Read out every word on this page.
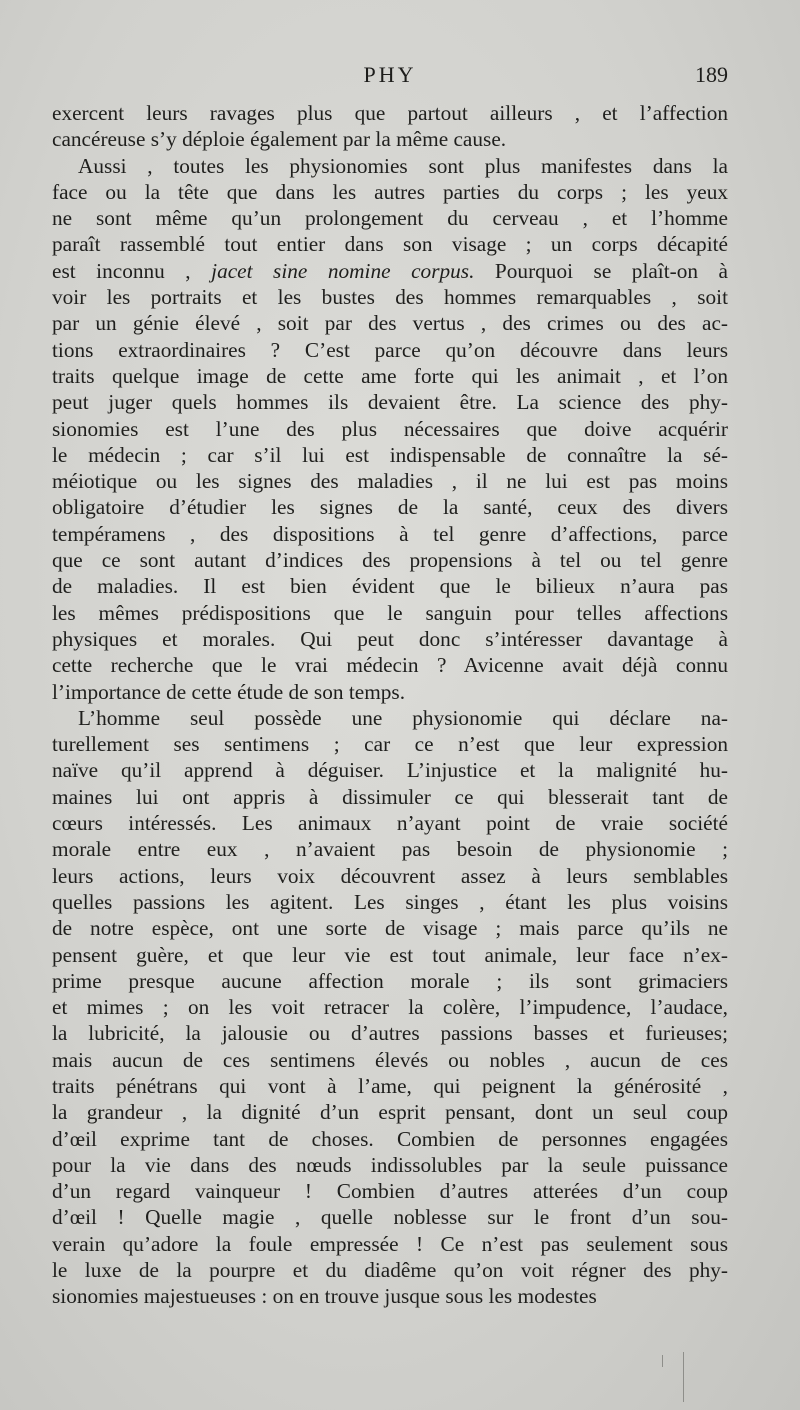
PHY	189
exercent leurs ravages plus que partout ailleurs , et l’affection
cancéreuse s’y déploie également par la même cause.
Aussi , toutes les physionomies sont plus manifestes dans la
face ou la tête que dans les autres parties du corps ; les yeux
ne sont même qu’un prolongement du cerveau , et l’homme
paraît rassemblé tout entier dans son visage ; un corps décapité
est inconnu , jacet sine nomine corpus. Pourquoi se plaît-on à
voir les portraits et les bustes des hommes remarquables , soit
par un génie élevé , soit par des vertus , des crimes ou des ac-
tions extraordinaires ? C’est parce qu’on découvre dans leurs
traits quelque image de cette ame forte qui les animait , et l’on
peut juger quels hommes ils devaient être. La science des phy-
sionomies est l’une des plus nécessaires que doive acquérir
le médecin ; car s’il lui est indispensable de connaître la sé-
méiotique ou les signes des maladies , il ne lui est pas moins
obligatoire d’étudier les signes de la santé, ceux des divers
tempéramens , des dispositions à tel genre d’affections, parce
que ce sont autant d’indices des propensions à tel ou tel genre
de maladies. Il est bien évident que le bilieux n’aura pas
les mêmes prédispositions que le sanguin pour telles affections
physiques et morales. Qui peut donc s’intéresser davantage à
cette recherche que le vrai médecin ? Avicenne avait déjà connu
l’importance de cette étude de son temps.
L’homme seul possède une physionomie qui déclare na-
turellement ses sentimens ; car ce n’est que leur expression
naïve qu’il apprend à déguiser. L’injustice et la malignité hu-
maines lui ont appris à dissimuler ce qui blesserait tant de
cœurs intéressés. Les animaux n’ayant point de vraie société
morale entre eux , n’avaient pas besoin de physionomie ;
leurs actions, leurs voix découvrent assez à leurs semblables
quelles passions les agitent. Les singes , étant les plus voisins
de notre espèce, ont une sorte de visage ; mais parce qu’ils ne
pensent guère, et que leur vie est tout animale, leur face n’ex-
prime presque aucune affection morale ; ils sont grimaciers
et mimes ; on les voit retracer la colère, l’impudence, l’audace,
la lubricité, la jalousie ou d’autres passions basses et furieuses;
mais aucun de ces sentimens élevés ou nobles , aucun de ces
traits pénétrans qui vont à l’ame, qui peignent la générosité ,
la grandeur , la dignité d’un esprit pensant, dont un seul coup
d’œil exprime tant de choses. Combien de personnes engagées
pour la vie dans des nœuds indissolubles par la seule puissance
d’un regard vainqueur ! Combien d’autres atterées d’un coup
d’œil ! Quelle magie , quelle noblesse sur le front d’un sou-
verain qu’adore la foule empressée ! Ce n’est pas seulement sous
le luxe de la pourpre et du diadême qu’on voit régner des phy-
sionomies majestueuses : on en trouve jusque sous les modestes
